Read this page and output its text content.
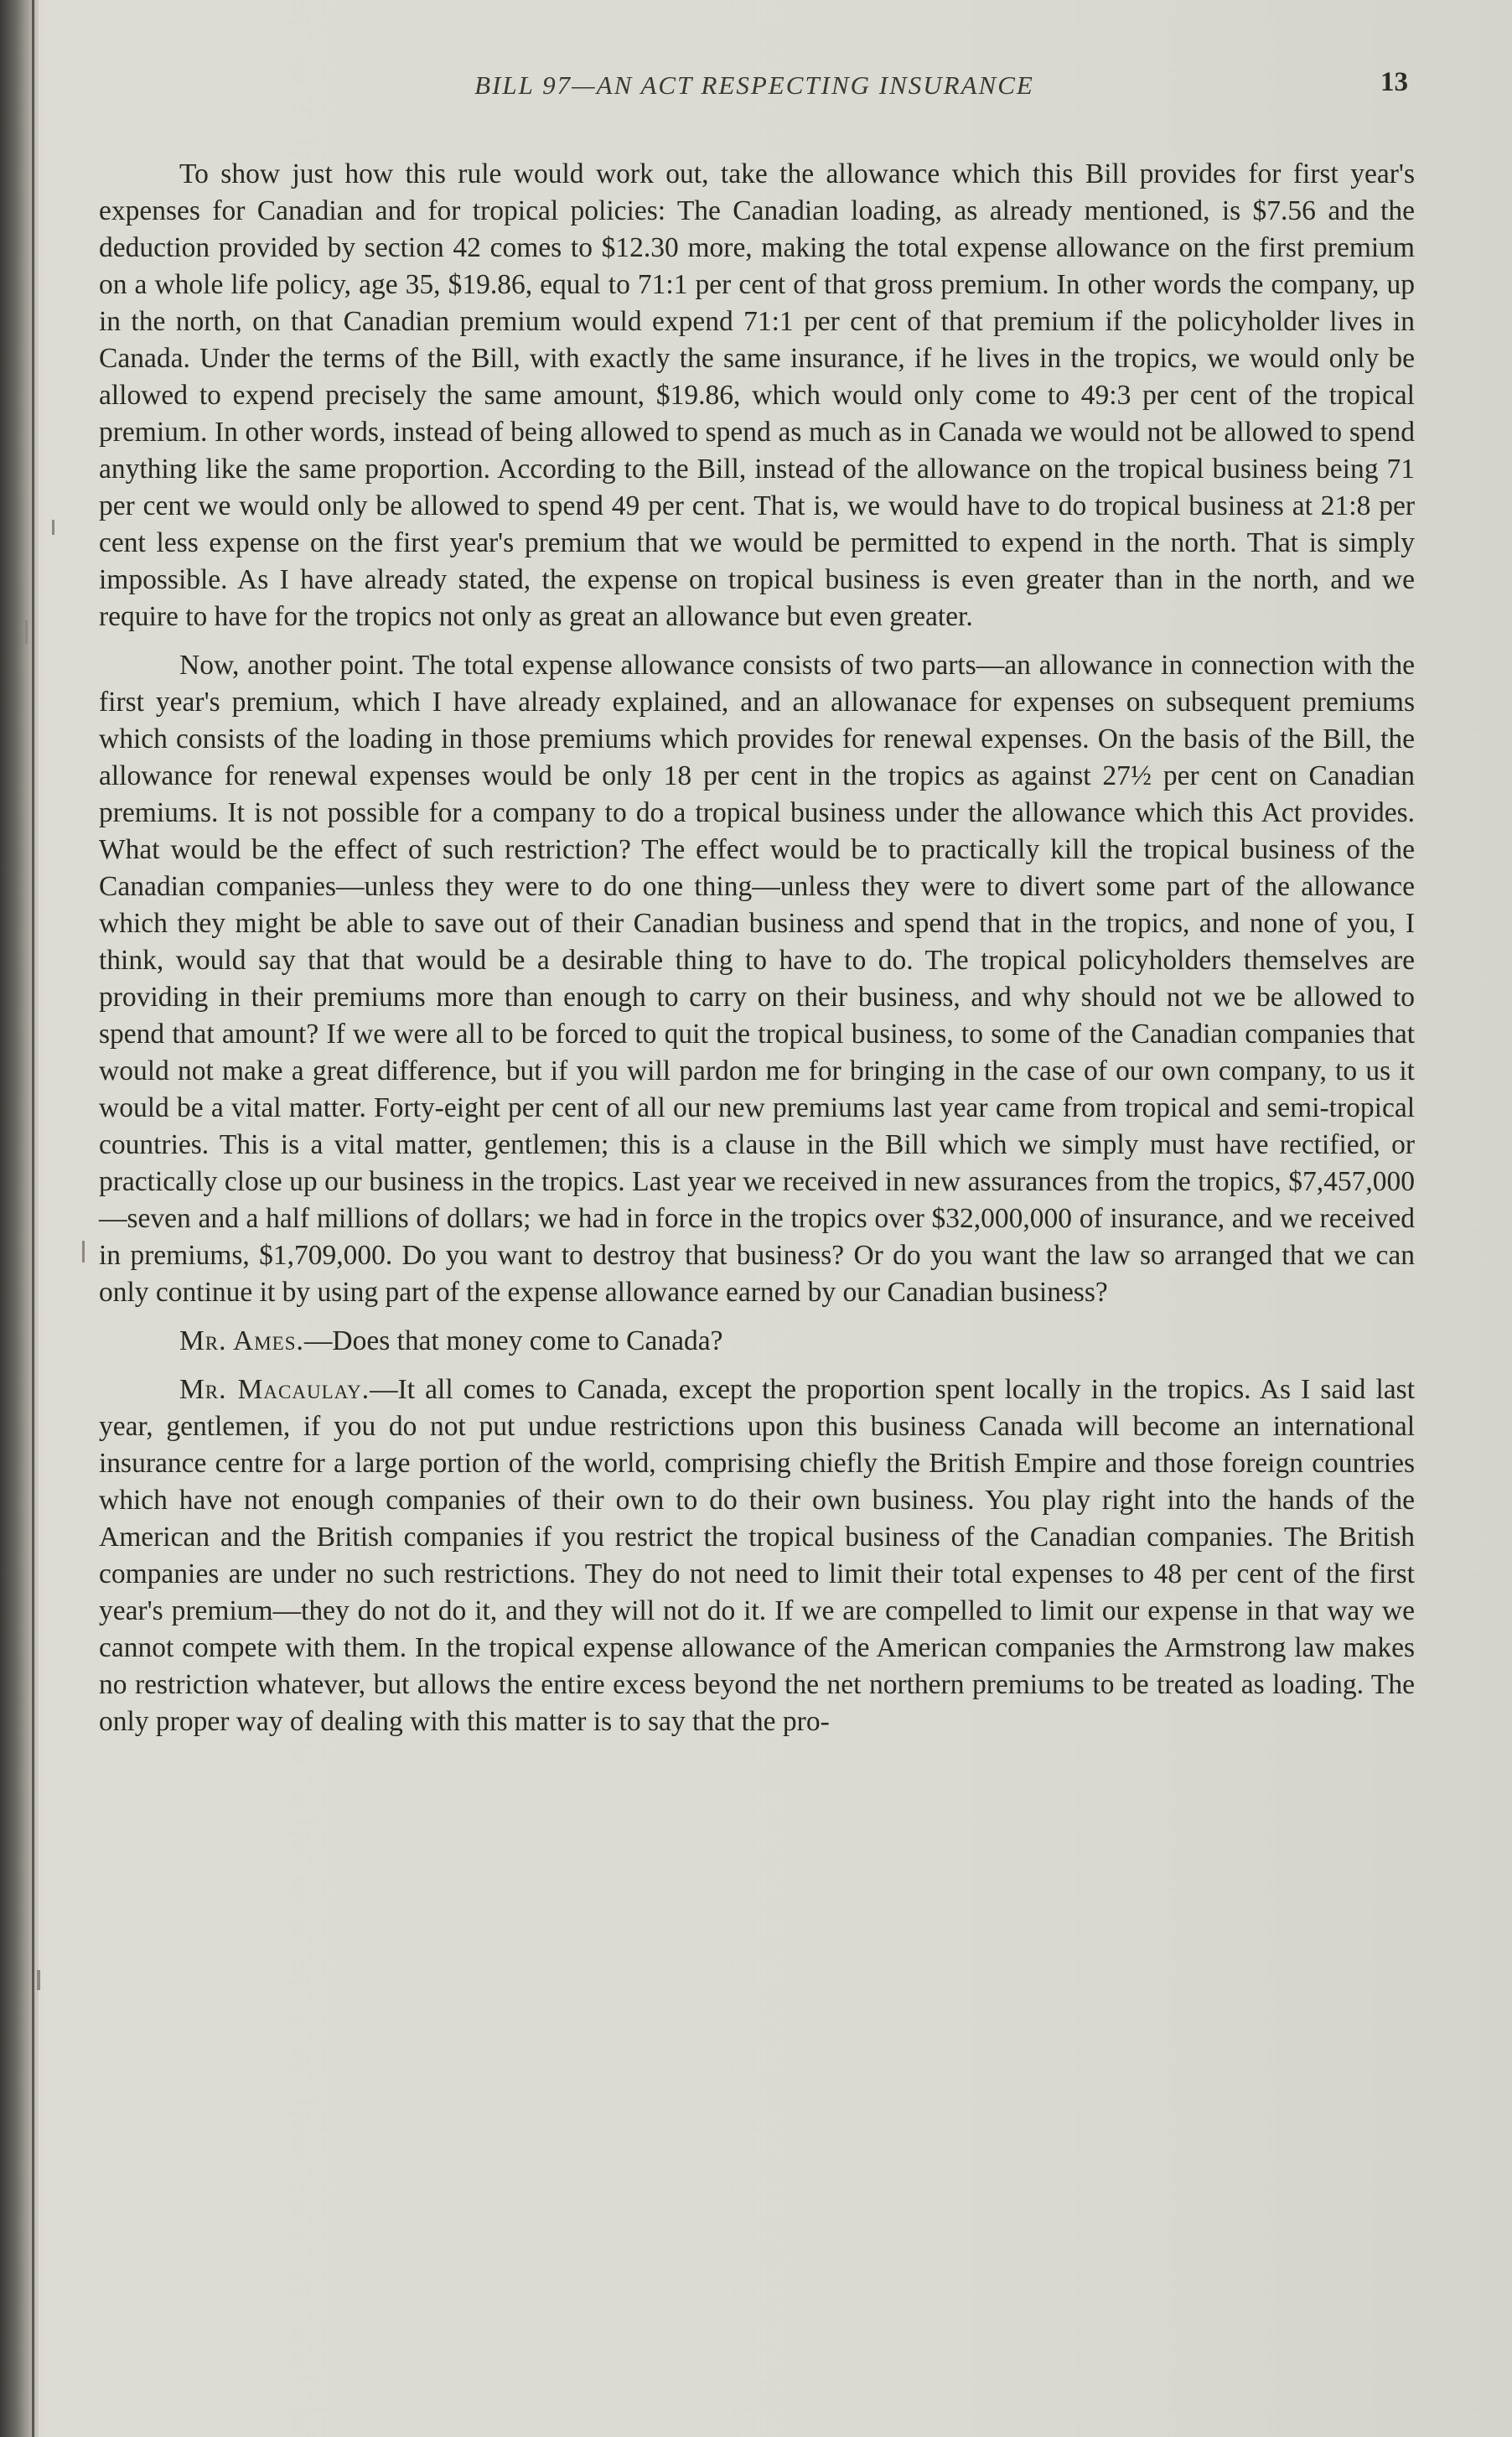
BILL 97—AN ACT RESPECTING INSURANCE	13

To show just how this rule would work out, take the allowance which this Bill provides for first year's expenses for Canadian and for tropical policies: The Canadian loading, as already mentioned, is $7.56 and the deduction provided by section 42 comes to $12.30 more, making the total expense allowance on the first premium on a whole life policy, age 35, $19.86, equal to 71:1 per cent of that gross premium. In other words the company, up in the north, on that Canadian premium would expend 71:1 per cent of that premium if the policyholder lives in Canada. Under the terms of the Bill, with exactly the same insurance, if he lives in the tropics, we would only be allowed to expend precisely the same amount, $19.86, which would only come to 49:3 per cent of the tropical premium. In other words, instead of being allowed to spend as much as in Canada we would not be allowed to spend anything like the same proportion. According to the Bill, instead of the allowance on the tropical business being 71 per cent we would only be allowed to spend 49 per cent. That is, we would have to do tropical business at 21:8 per cent less expense on the first year's premium that we would be permitted to expend in the north. That is simply impossible. As I have already stated, the expense on tropical business is even greater than in the north, and we require to have for the tropics not only as great an allowance but even greater.

Now, another point. The total expense allowance consists of two parts—an allowance in connection with the first year's premium, which I have already explained, and an allowanace for expenses on subsequent premiums which consists of the loading in those premiums which provides for renewal expenses. On the basis of the Bill, the allowance for renewal expenses would be only 18 per cent in the tropics as against 27½ per cent on Canadian premiums. It is not possible for a company to do a tropical business under the allowance which this Act provides. What would be the effect of such restriction? The effect would be to practically kill the tropical business of the Canadian companies—unless they were to do one thing—unless they were to divert some part of the allowance which they might be able to save out of their Canadian business and spend that in the tropics, and none of you, I think, would say that that would be a desirable thing to have to do. The tropical policyholders themselves are providing in their premiums more than enough to carry on their business, and why should not we be allowed to spend that amount? If we were all to be forced to quit the tropical business, to some of the Canadian companies that would not make a great difference, but if you will pardon me for bringing in the case of our own company, to us it would be a vital matter. Forty-eight per cent of all our new premiums last year came from tropical and semi-tropical countries. This is a vital matter, gentlemen; this is a clause in the Bill which we simply must have rectified, or practically close up our business in the tropics. Last year we received in new assurances from the tropics, $7,457,000—seven and a half millions of dollars; we had in force in the tropics over $32,000,000 of insurance, and we received in premiums, $1,709,000. Do you want to destroy that business? Or do you want the law so arranged that we can only continue it by using part of the expense allowance earned by our Canadian business?

Mr. Ames.—Does that money come to Canada?

Mr. Macaulay.—It all comes to Canada, except the proportion spent locally in the tropics. As I said last year, gentlemen, if you do not put undue restrictions upon this business Canada will become an international insurance centre for a large portion of the world, comprising chiefly the British Empire and those foreign countries which have not enough companies of their own to do their own business. You play right into the hands of the American and the British companies if you restrict the tropical business of the Canadian companies. The British companies are under no such restrictions. They do not need to limit their total expenses to 48 per cent of the first year's premium—they do not do it, and they will not do it. If we are compelled to limit our expense in that way we cannot compete with them. In the tropical expense allowance of the American companies the Armstrong law makes no restriction whatever, but allows the entire excess beyond the net northern premiums to be treated as loading. The only proper way of dealing with this matter is to say that the pro-
